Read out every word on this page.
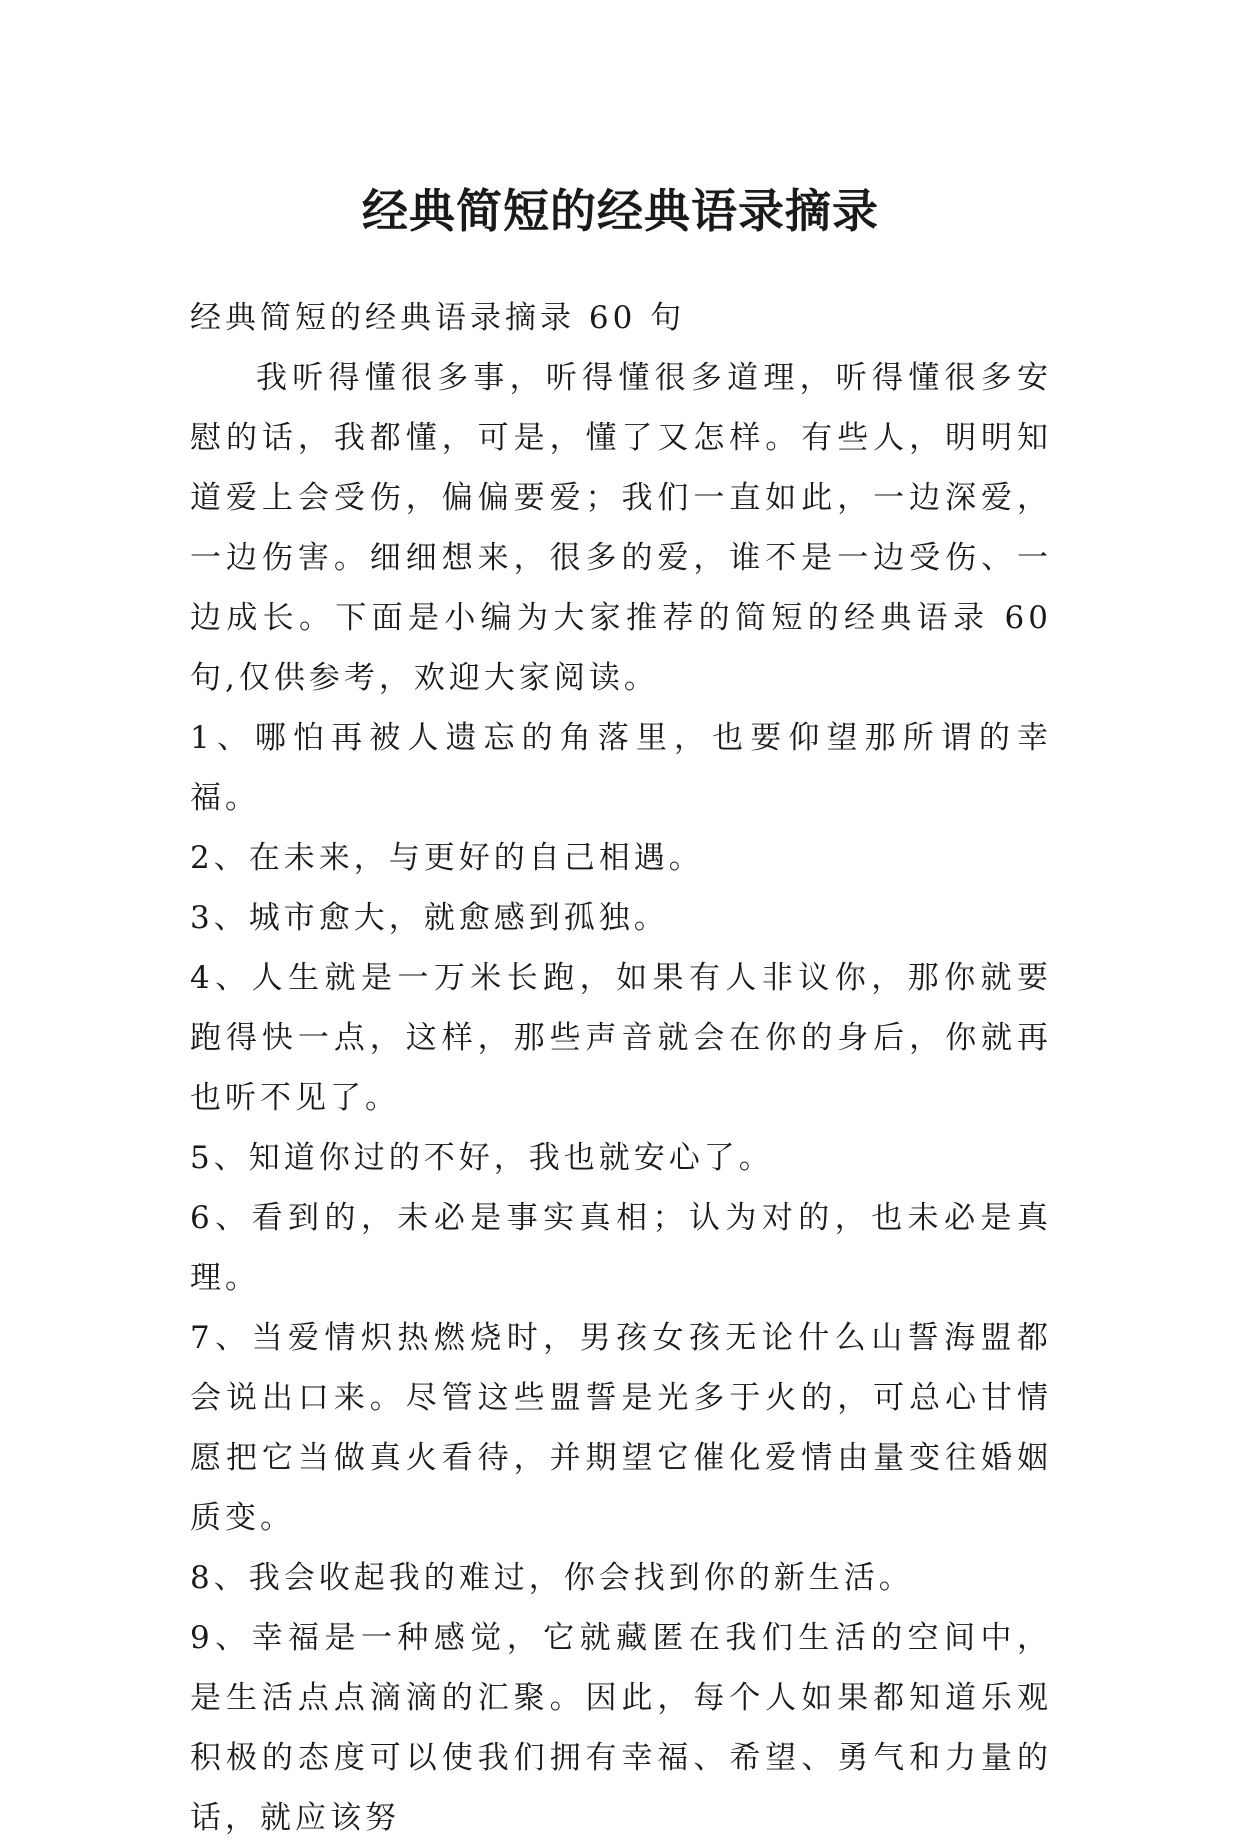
经典简短的经典语录摘录

经典简短的经典语录摘录 60 句

我听得懂很多事，听得懂很多道理，听得懂很多安慰的话，我都懂，可是，懂了又怎样。有些人，明明知道爱上会受伤，偏偏要爱；我们一直如此，一边深爱，一边伤害。细细想来，很多的爱，谁不是一边受伤、一边成长。下面是小编为大家推荐的简短的经典语录 60 句,仅供参考，欢迎大家阅读。

1、哪怕再被人遗忘的角落里，也要仰望那所谓的幸福。

2、在未来，与更好的自己相遇。

3、城市愈大，就愈感到孤独。

4、人生就是一万米长跑，如果有人非议你，那你就要跑得快一点，这样，那些声音就会在你的身后，你就再也听不见了。

5、知道你过的不好，我也就安心了。

6、看到的，未必是事实真相；认为对的，也未必是真理。

7、当爱情炽热燃烧时，男孩女孩无论什么山誓海盟都会说出口来。尽管这些盟誓是光多于火的，可总心甘情愿把它当做真火看待，并期望它催化爱情由量变往婚姻质变。

8、我会收起我的难过，你会找到你的新生活。

9、幸福是一种感觉，它就藏匿在我们生活的空间中，是生活点点滴滴的汇聚。因此，每个人如果都知道乐观积极的态度可以使我们拥有幸福、希望、勇气和力量的话，就应该努
